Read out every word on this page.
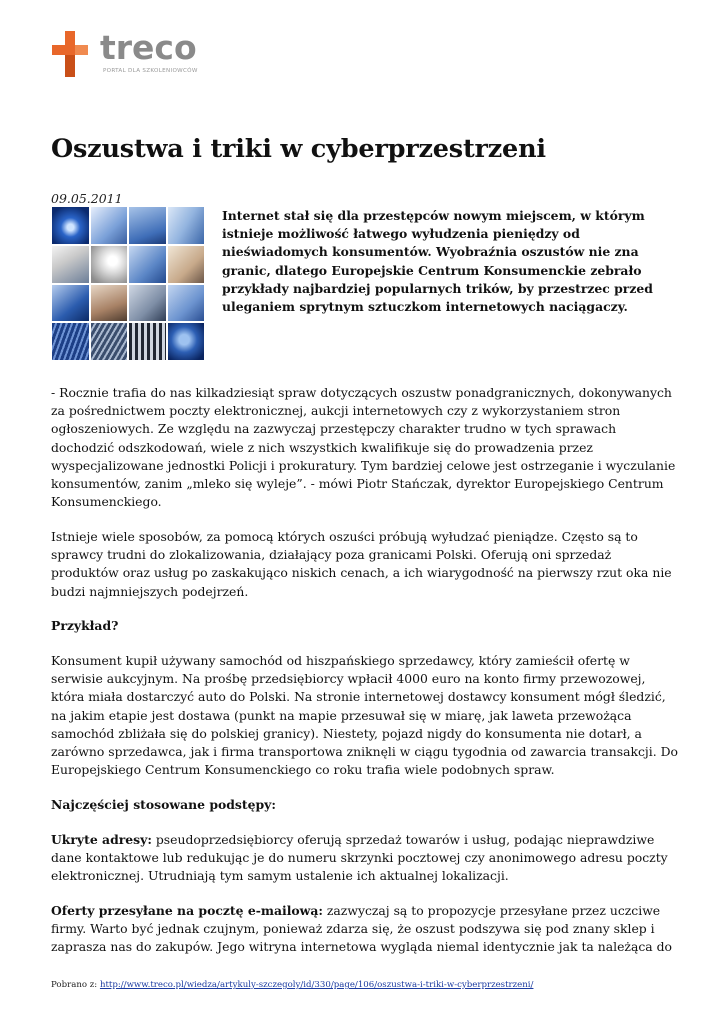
treco
PORTAL DLA SZKOLENIOWCÓW
Oszustwa i triki w cyberprzestrzeni
09.05.2011

Internet stał się dla przestępców nowym miejscem, w którym istnieje możliwość łatwego wyłudzenia pieniędzy od nieświadomych konsumentów. Wyobraźnia oszustów nie zna granic, dlatego Europejskie Centrum Konsumenckie zebrało przykłady najbardziej popularnych trików, by przestrzec przed uleganiem sprytnym sztuczkom internetowych naciągaczy.

- Rocznie trafia do nas kilkadziesiąt spraw dotyczących oszustw ponadgranicznych, dokonywanych za pośrednictwem poczty elektronicznej, aukcji internetowych czy z wykorzystaniem stron ogłoszeniowych. Ze względu na zazwyczaj przestępczy charakter trudno w tych sprawach dochodzić odszkodowań, wiele z nich wszystkich kwalifikuje się do prowadzenia przez wyspecjalizowane jednostki Policji i prokuratury. Tym bardziej celowe jest ostrzeganie i wyczulanie konsumentów, zanim „mleko się wyleje”. - mówi Piotr Stańczak, dyrektor Europejskiego Centrum Konsumenckiego.

Istnieje wiele sposobów, za pomocą których oszuści próbują wyłudzać pieniądze. Często są to sprawcy trudni do zlokalizowania, działający poza granicami Polski. Oferują oni sprzedaż produktów oraz usług po zaskakująco niskich cenach, a ich wiarygodność na pierwszy rzut oka nie budzi najmniejszych podejrzeń.

Przykład?

Konsument kupił używany samochód od hiszpańskiego sprzedawcy, który zamieścił ofertę w serwisie aukcyjnym. Na prośbę przedsiębiorcy wpłacił 4000 euro na konto firmy przewozowej, która miała dostarczyć auto do Polski. Na stronie internetowej dostawcy konsument mógł śledzić, na jakim etapie jest dostawa (punkt na mapie przesuwał się w miarę, jak laweta przewożąca samochód zbliżała się do polskiej granicy). Niestety, pojazd nigdy do konsumenta nie dotarł, a zarówno sprzedawca, jak i firma transportowa zniknęli w ciągu tygodnia od zawarcia transakcji. Do Europejskiego Centrum Konsumenckiego co roku trafia wiele podobnych spraw.

Najczęściej stosowane podstępy:

Ukryte adresy: pseudoprzedsiębiorcy oferują sprzedaż towarów i usług, podając nieprawdziwe dane kontaktowe lub redukując je do numeru skrzynki pocztowej czy anonimowego adresu poczty elektronicznej. Utrudniają tym samym ustalenie ich aktualnej lokalizacji.

Oferty przesyłane na pocztę e-mailową: zazwyczaj są to propozycje przesyłane przez uczciwe firmy. Warto być jednak czujnym, ponieważ zdarza się, że oszust podszywa się pod znany sklep i zaprasza nas do zakupów. Jego witryna internetowa wygląda niemal identycznie jak ta należąca do

Pobrano z: http://www.treco.pl/wiedza/artykuly-szczegoly/id/330/page/106/oszustwa-i-triki-w-cyberprzestrzeni/
